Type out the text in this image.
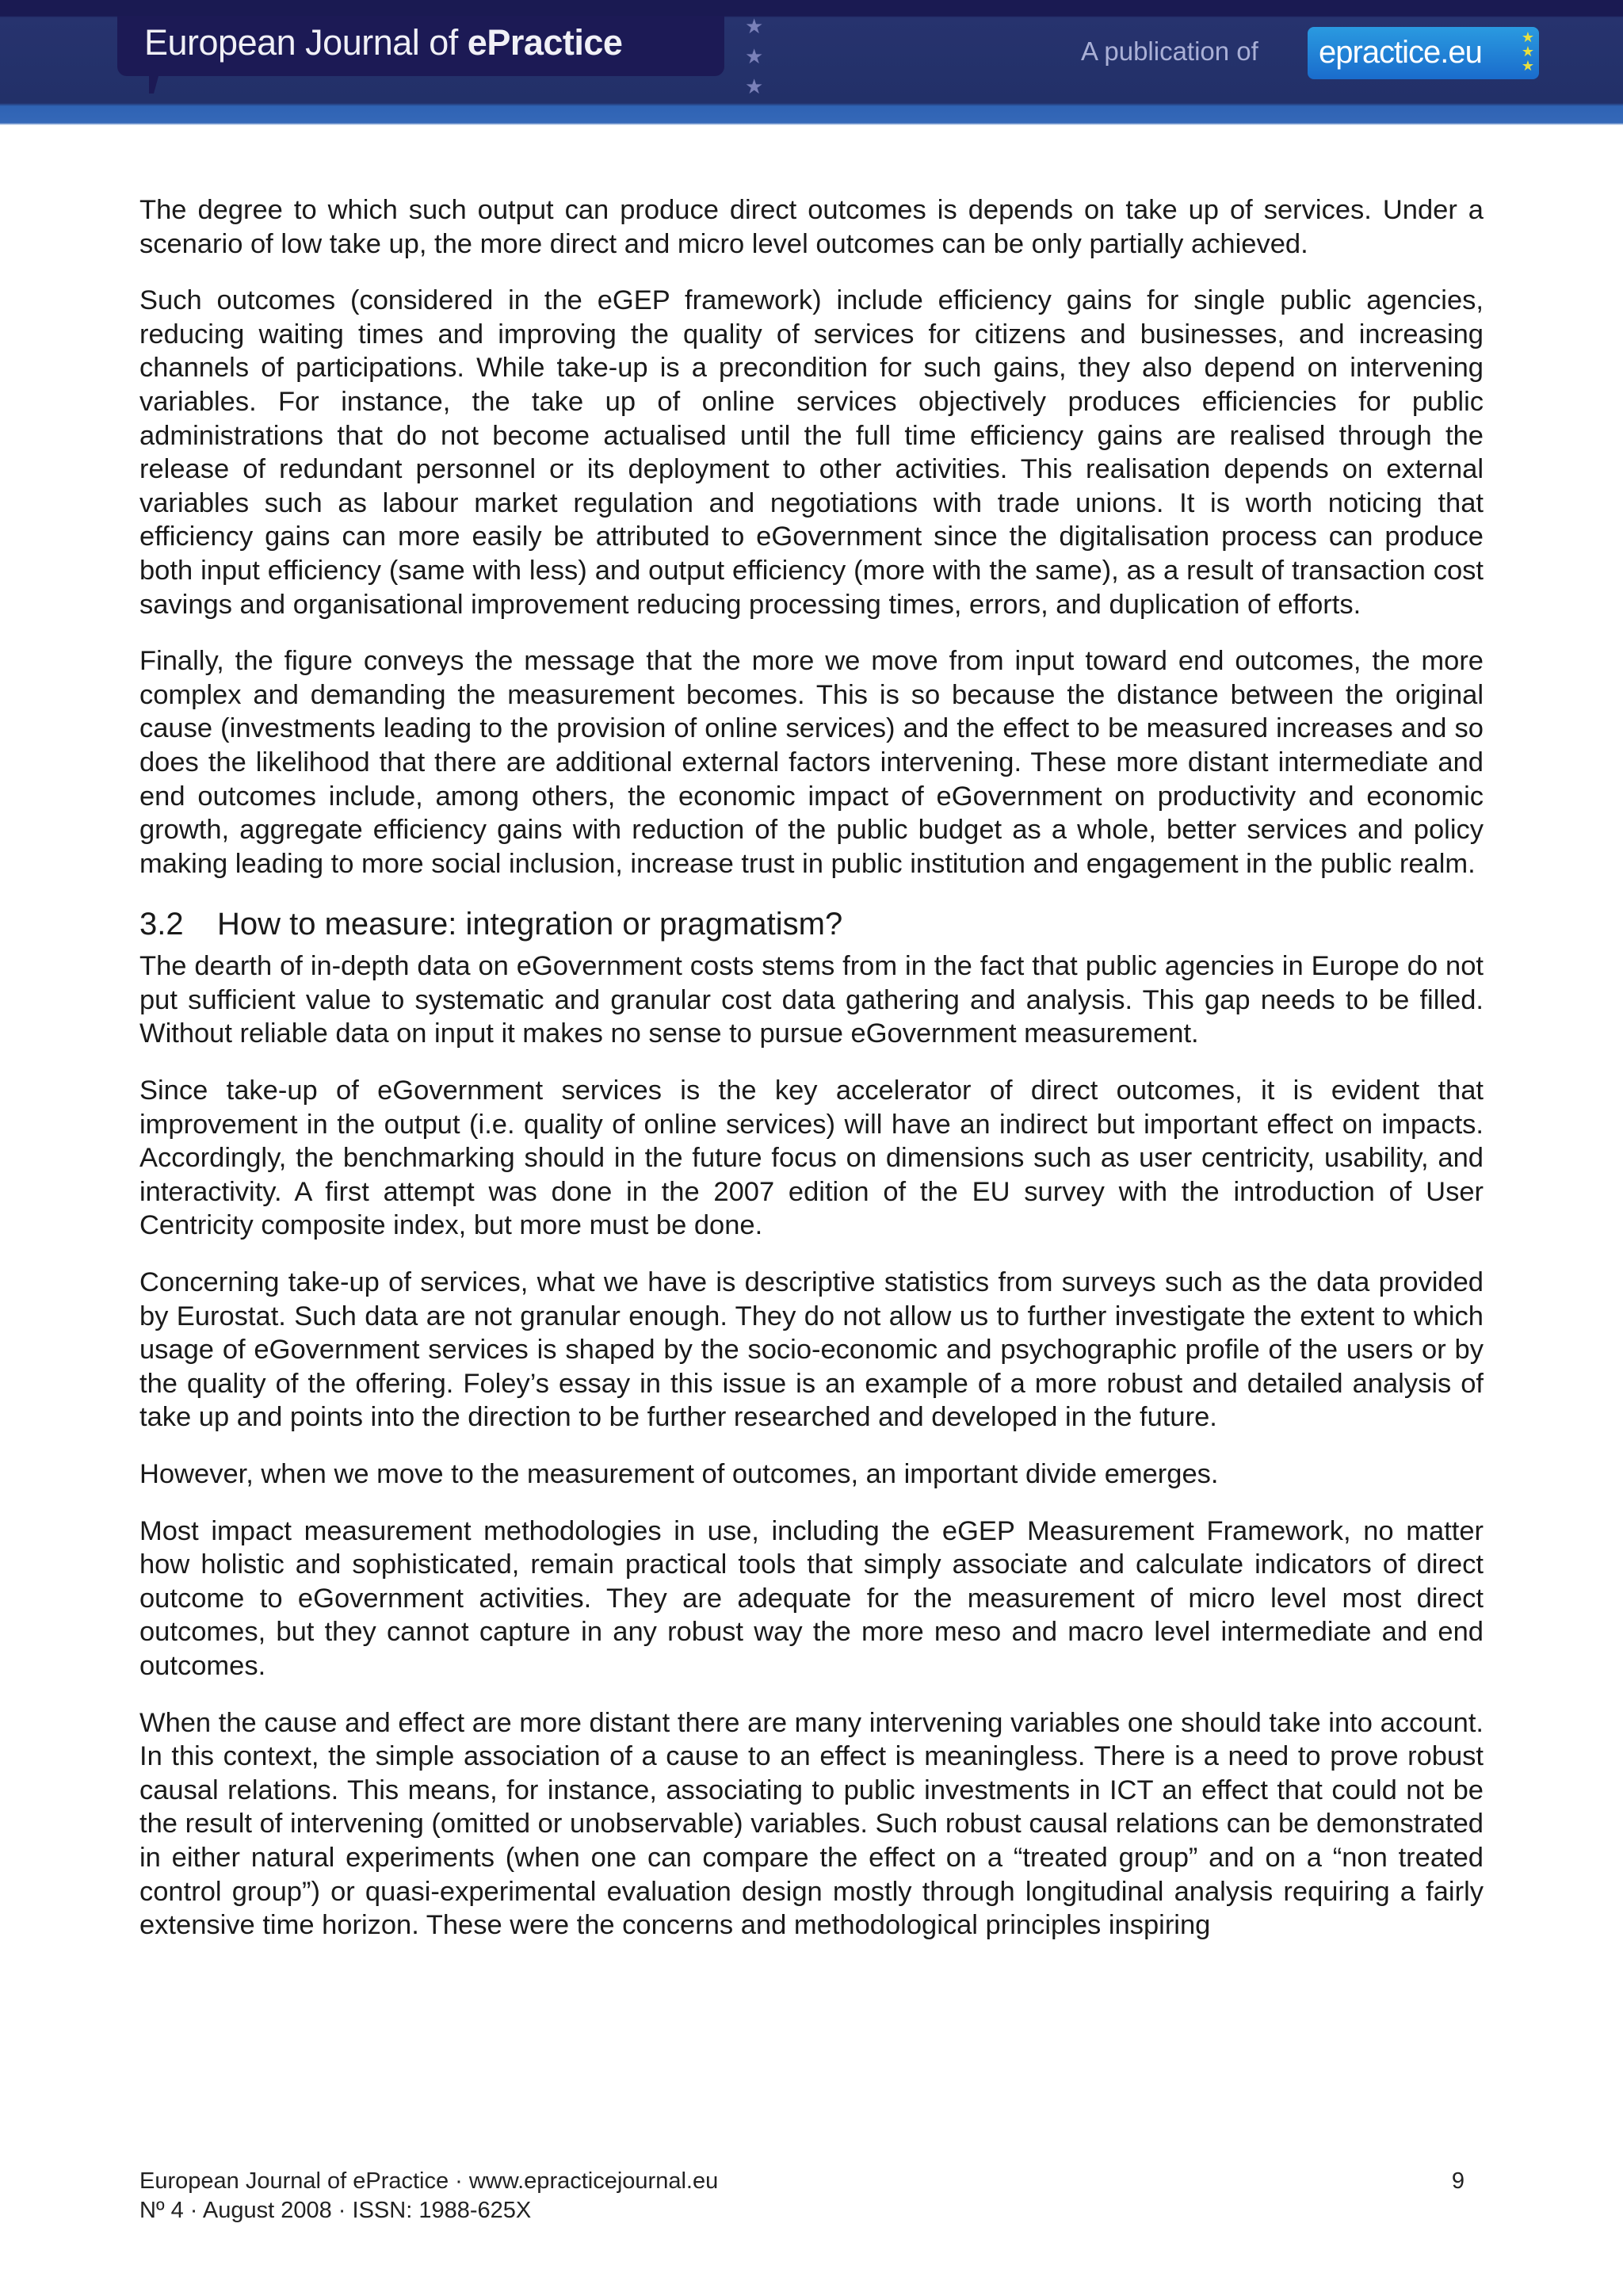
European Journal of ePractice	★
★
★
A publication of epractice.eu	★
★
★

The degree to which such output can produce direct outcomes is depends on take up of services. Under a scenario of low take up, the more direct and micro level outcomes can be only partially achieved.

Such outcomes (considered in the eGEP framework) include efficiency gains for single public agencies, reducing waiting times and improving the quality of services for citizens and businesses, and increasing channels of participations. While take-up is a precondition for such gains, they also depend on intervening variables. For instance, the take up of online services objectively produces efficiencies for public administrations that do not become actualised until the full time efficiency gains are realised through the release of redundant personnel or its deployment to other activities. This realisation depends on external variables such as labour market regulation and negotiations with trade unions. It is worth noticing that efficiency gains can more easily be attributed to eGovernment since the digitalisation process can produce both input efficiency (same with less) and output efficiency (more with the same), as a result of transaction cost savings and organisational improvement reducing processing times, errors, and duplication of efforts.

Finally, the figure conveys the message that the more we move from input toward end outcomes, the more complex and demanding the measurement becomes. This is so because the distance between the original cause (investments leading to the provision of online services) and the effect to be measured increases and so does the likelihood that there are additional external factors intervening. These more distant intermediate and end outcomes include, among others, the economic impact of eGovernment on productivity and economic growth, aggregate efficiency gains with reduction of the public budget as a whole, better services and policy making leading to more social inclusion, increase trust in public institution and engagement in the public realm.

3.2 How to measure: integration or pragmatism?

The dearth of in-depth data on eGovernment costs stems from in the fact that public agencies in Europe do not put sufficient value to systematic and granular cost data gathering and analysis. This gap needs to be filled. Without reliable data on input it makes no sense to pursue eGovernment measurement.

Since take-up of eGovernment services is the key accelerator of direct outcomes, it is evident that improvement in the output (i.e. quality of online services) will have an indirect but important effect on impacts. Accordingly, the benchmarking should in the future focus on dimensions such as user centricity, usability, and interactivity. A first attempt was done in the 2007 edition of the EU survey with the introduction of User Centricity composite index, but more must be done.

Concerning take-up of services, what we have is descriptive statistics from surveys such as the data provided by Eurostat. Such data are not granular enough. They do not allow us to further investigate the extent to which usage of eGovernment services is shaped by the socio-economic and psychographic profile of the users or by the quality of the offering. Foley’s essay in this issue is an example of a more robust and detailed analysis of take up and points into the direction to be further researched and developed in the future.

However, when we move to the measurement of outcomes, an important divide emerges.

Most impact measurement methodologies in use, including the eGEP Measurement Framework, no matter how holistic and sophisticated, remain practical tools that simply associate and calculate indicators of direct outcome to eGovernment activities. They are adequate for the measurement of micro level most direct outcomes, but they cannot capture in any robust way the more meso and macro level intermediate and end outcomes.

When the cause and effect are more distant there are many intervening variables one should take into account. In this context, the simple association of a cause to an effect is meaningless. There is a need to prove robust causal relations. This means, for instance, associating to public investments in ICT an effect that could not be the result of intervening (omitted or unobservable) variables. Such robust causal relations can be demonstrated in either natural experiments (when one can compare the effect on a “treated group” and on a “non treated control group”) or quasi-experimental evaluation design mostly through longitudinal analysis requiring a fairly extensive time horizon. These were the concerns and methodological principles inspiring

European Journal of ePractice · www.epracticejournal.eu
Nº 4 · August 2008 · ISSN: 1988-625X
9
